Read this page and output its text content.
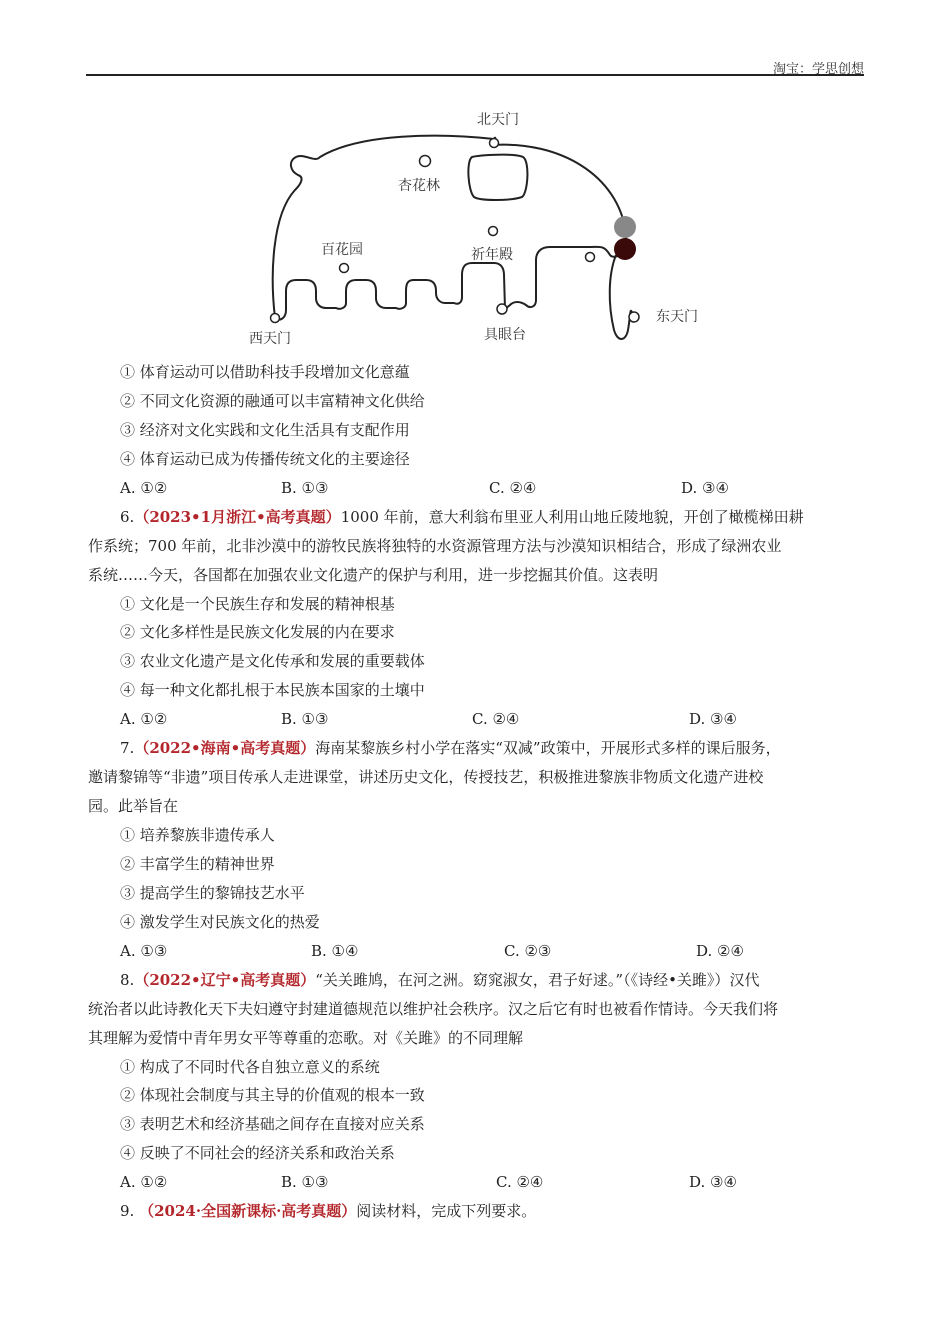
淘宝：学思创想
北天门
杏花林
百花园	祈年殿
西天门	具眼台
东天门
① 体育运动可以借助科技手段增加文化意蕴
② 不同文化资源的融通可以丰富精神文化供给
③ 经济对文化实践和文化生活具有支配作用
④ 体育运动已成为传播传统文化的主要途径
A. ①②	B. ①③	C. ②④	D. ③④
6.（2023•1月浙江•高考真题）1000 年前，意大利翁布里亚人利用山地丘陵地貌，开创了橄榄梯田耕
作系统；700 年前，北非沙漠中的游牧民族将独特的水资源管理方法与沙漠知识相结合，形成了绿洲农业
系统……今天，各国都在加强农业文化遗产的保护与利用，进一步挖掘其价值。这表明
① 文化是一个民族生存和发展的精神根基
② 文化多样性是民族文化发展的内在要求
③ 农业文化遗产是文化传承和发展的重要载体
④ 每一种文化都扎根于本民族本国家的土壤中
A. ①②	B. ①③	C. ②④	D. ③④
7.（2022•海南•高考真题）海南某黎族乡村小学在落实“双减”政策中，开展形式多样的课后服务，
邀请黎锦等“非遗”项目传承人走进课堂，讲述历史文化，传授技艺，积极推进黎族非物质文化遗产进校
园。此举旨在
① 培养黎族非遗传承人
② 丰富学生的精神世界
③ 提高学生的黎锦技艺水平
④ 激发学生对民族文化的热爱
A. ①③	B. ①④	C. ②③	D. ②④
8.（2022•辽宁•高考真题）“关关雎鸠，在河之洲。窈窕淑女，君子好逑。”（《诗经•关雎》）汉代
统治者以此诗教化天下夫妇遵守封建道德规范以维护社会秩序。汉之后它有时也被看作情诗。今天我们将
其理解为爱情中青年男女平等尊重的恋歌。对《关雎》的不同理解
① 构成了不同时代各自独立意义的系统
② 体现社会制度与其主导的价值观的根本一致
③ 表明艺术和经济基础之间存在直接对应关系
④ 反映了不同社会的经济关系和政治关系
A. ①②	B. ①③	C. ②④	D. ③④
9. （2024·全国新课标·高考真题）阅读材料，完成下列要求。
